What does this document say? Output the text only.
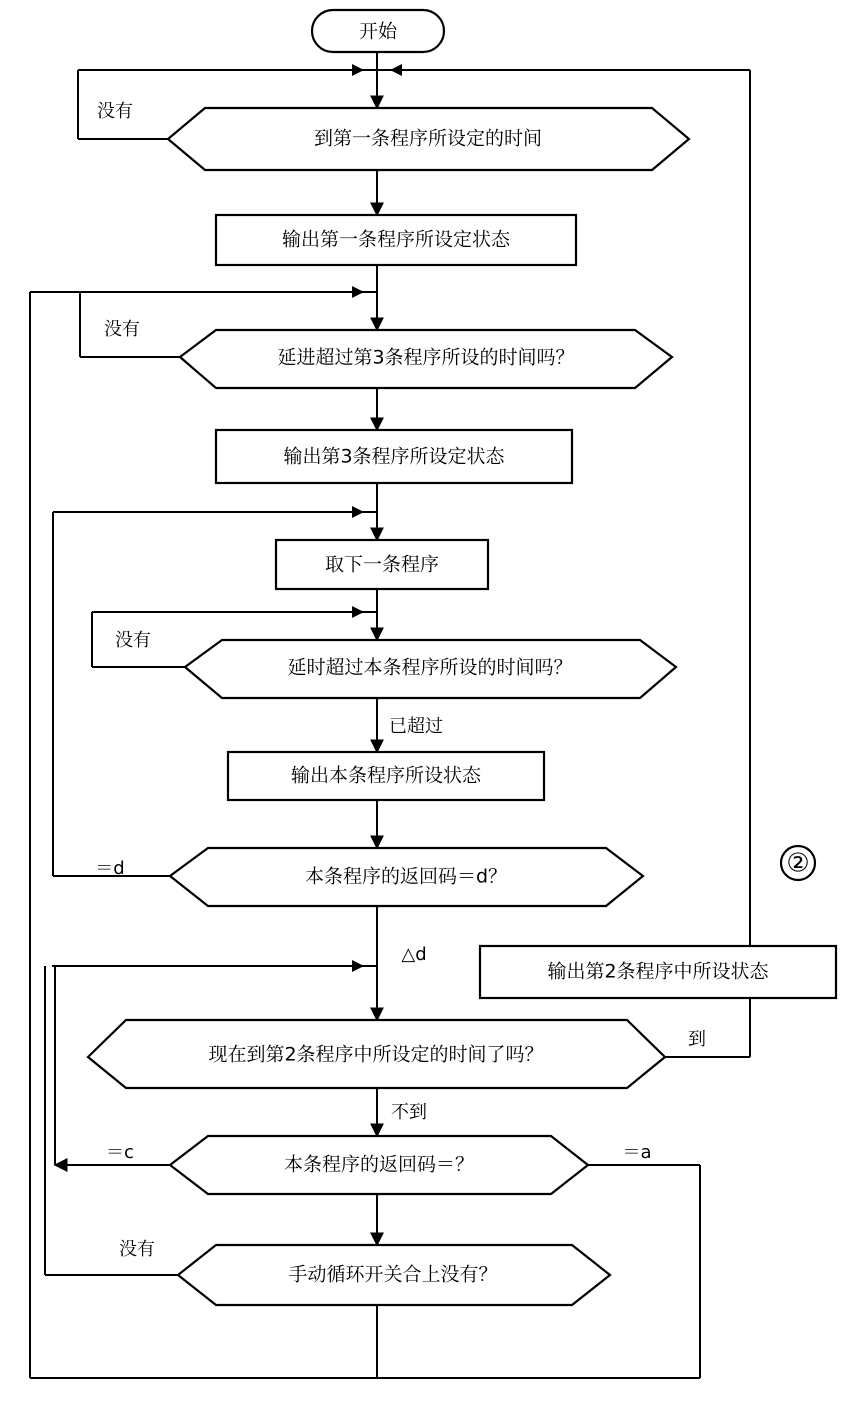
开始
到第一条程序所设定的时间
输出第一条程序所设定状态
延进超过第3条程序所设的时间吗？
输出第3条程序所设定状态
取下一条程序
延时超过本条程序所设的时间吗？
输出本条程序所设状态
本条程序的返回码＝d？
输出第2条程序中所设状态
现在到第2条程序中所设定的时间了吗？
本条程序的返回码＝？
手动循环开关合上没有？
没有
没有
没有
已超过
＝d
△d
到
不到
＝c	＝a
没有
②
